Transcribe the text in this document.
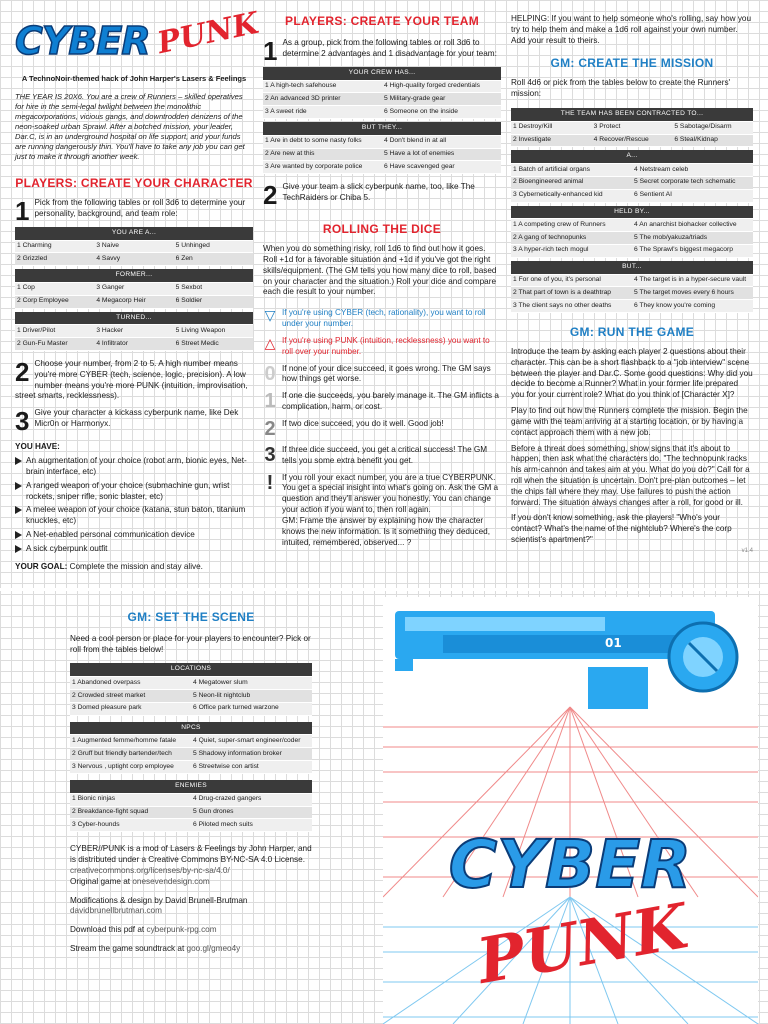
CYBER PUNK
A TechnoNoir-themed hack of John Harper's Lasers & Feelings
THE YEAR IS 20X6. You are a crew of Runners – skilled operatives for hire in the semi-legal twilight between the monolithic megacorporations, vicious gangs, and downtrodden denizens of the neon-soaked urban Sprawl. After a botched mission, your leader, Dar.C, is in an underground hospital on life support, and your funds are running dangerously thin. You'll have to take any job you can get just to make it through another week.
PLAYERS: CREATE YOUR CHARACTER
1 Pick from the following tables or roll 3d6 to determine your personality, background, and team role:
YOU ARE A...		
1 Charming	3 Naive	5 Unhinged
2 Grizzled	4 Savvy	6 Zen
FORMER...		
1 Cop	3 Ganger	5 Sexbot
2 Corp Employee	4 Megacorp Heir	6 Soldier
TURNED...		
1 Driver/Pilot	3 Hacker	5 Living Weapon
2 Gun-Fu Master	4 Infiltrator	6 Street Medic
2 Choose your number, from 2 to 5. A high number means you're more CYBER (tech, science, logic, precision). A low number means you're more PUNK (intuition, improvisation, street smarts, recklessness).
3 Give your character a kickass cyberpunk name, like Dek Micr0n or Harmonyx.
YOU HAVE:
An augmentation of your choice (robot arm, bionic eyes, Net-brain interface, etc)
A ranged weapon of your choice (submachine gun, wrist rockets, sniper rifle, sonic blaster, etc)
A melee weapon of your choice (katana, stun baton, titanium knuckles, etc)
A Net-enabled personal communication device
A sick cyberpunk outfit
YOUR GOAL: Complete the mission and stay alive.
PLAYERS: CREATE YOUR TEAM
1 As a group, pick from the following tables or roll 3d6 to determine 2 advantages and 1 disadvantage for your team:
YOUR CREW HAS...	
1 A high-tech safehouse	4 High-quality forged credentials
2 An advanced 3D printer	5 Military-grade gear
3 A sweet ride	6 Someone on the inside
BUT THEY...	
1 Are in debt to some nasty folks	4 Don't blend in at all
2 Are new at this	5 Have a lot of enemies
3 Are wanted by corporate police	6 Have scavenged gear
2 Give your team a slick cyberpunk name, too, like The TechRaiders or Chiba 5.
ROLLING THE DICE
When you do something risky, roll 1d6 to find out how it goes. Roll +1d for a favorable situation and +1d if you've got the right skills/equipment. (The GM tells you how many dice to roll, based on your character and the situation.) Roll your dice and compare each die result to your number.
▽ If you're using CYBER (tech, rationality), you want to roll under your number.
△ If you're using PUNK (intuition, recklessness) you want to roll over your number.
0 If none of your dice succeed, it goes wrong. The GM says how things get worse.
1 If one die succeeds, you barely manage it. The GM inflicts a complication, harm, or cost.
2 If two dice succeed, you do it well. Good job!
3 If three dice succeed, you get a critical success! The GM tells you some extra benefit you get.
!	If you roll your exact number, you are a true CYBERPUNK. You get a special insight into what's going on. Ask the GM a question and they'll answer you honestly. You can change your action if you want to, then roll again.
GM: Frame the answer by explaining how the character knows the new information. Is it something they deduced, intuited, remembered, observed... ?
HELPING: If you want to help someone who's rolling, say how you try to help them and make a 1d6 roll against your own number. Add your result to theirs.
GM: CREATE THE MISSION
Roll 4d6 or pick from the tables below to create the Runners' mission:
THE TEAM HAS BEEN CONTRACTED TO...		
1 Destroy/Kill	3 Protect	5 Sabotage/Disarm
2 Investigate	4 Recover/Rescue	6 Steal/Kidnap
A...	
1 Batch of artificial organs	4 Netstream celeb
2 Bioengineered animal	5 Secret corporate tech schematic
3 Cybernetically-enhanced kid	6 Sentient AI
HELD BY...	
1 A competing crew of Runners	4 An anarchist biohacker collective
2 A gang of technopunks	5 The mob/yakuza/triads
3 A hyper-rich tech mogul	6 The Sprawl's biggest megacorp
BUT...	
1 For one of you, it's personal	4 The target is in a hyper-secure vault
2 That part of town is a deathtrap	5 The target moves every 6 hours
3 The client says no other deaths	6 They know you're coming
GM: RUN THE GAME
Introduce the team by asking each player 2 questions about their character. This can be a short flashback to a "job interview" scene between the player and Dar.C. Some good questions: Why did you decide to become a Runner? What in your former life prepared you for your current role? What do you think of [Character X]?
Play to find out how the Runners complete the mission. Begin the game with the team arriving at a starting location, or by having a contact approach them with a new job.
Before a threat does something, show signs that it's about to happen, then ask what the characters do. "The technopunk racks his arm-cannon and takes aim at you. What do you do?" Call for a roll when the situation is uncertain. Don't pre-plan outcomes – let the chips fall where they may. Use failures to push the action forward. The situation always changes after a roll, for good or ill.
If you don't know something, ask the players! "Who's your contact? What's the name of the nightclub? Where's the corp scientist's apartment?"
v1.4
GM: SET THE SCENE
Need a cool person or place for your players to encounter? Pick or roll from the tables below!
LOCATIONS	
1 Abandoned overpass	4 Megatower slum
2 Crowded street market	5 Neon-lit nightclub
3 Domed pleasure park	6 Office park turned warzone
NPCS	
1 Augmented femme/homme fatale	4 Quiet, super-smart engineer/coder
2 Gruff but friendly bartender/tech	5 Shadowy information broker
3 Nervous , uptight corp employee	6 Streetwise con artist
ENEMIES	
1 Bionic ninjas	4 Drug-crazed gangers
2 Breakdance-fight squad	5 Gun drones
3 Cyber-hounds	6 Piloted mech suits
CYBER//PUNK is a mod of Lasers & Feelings by John Harper, and is distributed under a Creative Commons BY-NC-SA 4.0 License.
creativecommons.org/licenses/by-nc-sa/4.0/
Original game at onesevendesign.com
Modifications & design by David Brunell-Brutman
davidbrunellbrutman.com
Download this pdf at cyberpunk-rpg.com
Stream the game soundtrack at goo.gl/gmeo4y
01
CYBER
PUNK
